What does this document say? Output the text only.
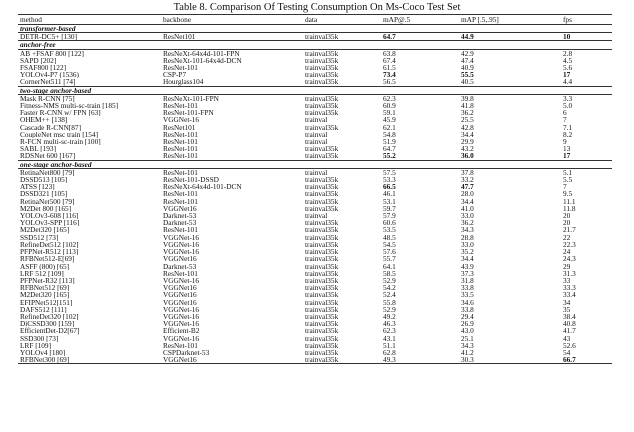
Table 8. Comparison Of Testing Consumption On Ms-Coco Test Set
method	backbone	data	mAP@.5	mAP [.5,.95]	fps
transformer-based					
DETR-DC5+ [130]	ResNet101	trainval35k	64.7	44.9	10
anchor-free					
AB +FSAF 800 [122]	ResNeXt-64x4d-101-FPN	trainval35k	63.8	42.9	2.8
SAPD [202]	ResNeXt-101-64x4d-DCN	trainval35k	67.4	47.4	4.5
FSAF800 [122]	ResNet-101	trainval35k	61.5	40.9	5.6
YOLOv4-P7 (1536)	CSP-P7	trainval35k	73.4	55.5	17
CornerNet511 [74]	Hourglass104	trainval35k	56.5	40.5	4.4
two-stage anchor-based					
Mask R-CNN [75]	ResNeXt-101-FPN	trainval35k	62.3	39.8	3.3
Fitness-NMS multi-sc-train [185]	ResNet-101	trainval35k	60.9	41.8	5.0
Faster R-CNN w/ FPN [63]	ResNet-101-FPN	trainval35k	59.1	36.2	6
OHEM++ [138]	VGGNet-16	trainval	45.9	25.5	7
Cascade R-CNN[87]	ResNet101	trainval35k	62.1	42.8	7.1
CoupleNet msc train [154]	ResNet-101	trainval	54.8	34.4	8.2
R-FCN multi-sc-train [100]	ResNet-101	trainval	51.9	29.9	9
SABL [193]	ResNet-101	trainval35k	64.7	43.2	13
RDSNet 600 [167]	ResNet-101	trainval35k	55.2	36.0	17
one-stage anchor-based					
RetinaNet800 [79]	ResNet-101	trainval	57.5	37.8	5.1
DSSD513 [105]	ResNet-101-DSSD	trainval35k	53.3	33.2	5.5
ATSS [123]	ResNeXt-64x4d-101-DCN	trainval35k	66.5	47.7	7
DSSD321 [105]	ResNet-101	trainval35k	46.1	28.0	9.5
RetinaNet500 [79]	ResNet-101	trainval35k	53.1	34.4	11.1
M2Det 800 [165]	VGGNet16	trainval35k	59.7	41.0	11.8
YOLOv3-608 [116]	Darknet-53	trainval	57.9	33.0	20
YOLOv3-SPP [116]	Darknet-53	trainval35k	60.6	36.2	20
M2Det320 [165]	ResNet-101	trainval35k	53.5	34.3	21.7
SSD512 [73]	VGGNet-16	trainval35k	48.5	28.8	22
RefineDet512 [102]	VGGNet-16	trainval35k	54.5	33.0	22.3
PFPNet-R512 [113]	VGGNet-16	trainval35k	57.6	35.2	24
RFBNet512-E[69]	VGGNet16	trainval35k	55.7	34.4	24.3
ASFF (800) [65]	Darknet-53	trainval35k	64.1	43.9	29
LRF 512 [109]	ResNet-101	trainval35k	58.5	37.3	31.3
PFPNet-R32 [113]	VGGNet-16	trainval35k	52.9	31.8	33
RFBNet512 [69]	VGGNet16	trainval35k	54.2	33.8	33.3
M2Det320 [165]	VGGNet16	trainval35k	52.4	33.5	33.4
EFIPNet512[151]	VGGNet16	trainval35k	55.8	34.6	34
DAFS512 [111]	VGGNet-16	trainval35k	52.9	33.8	35
RefineDet320 [102]	VGGNet-16	trainval35k	49.2	29.4	38.4
DiCSSD300 [159]	VGGNet-16	trainval35k	46.3	26.9	40.8
EfficientDet-D2[67]	Efficient-B2	trainval35k	62.3	43.0	41.7
SSD300 [73]	VGGNet-16	trainval35k	43.1	25.1	43
LRF [109]	ResNet-101	trainval35k	51.1	34.3	52.6
YOLOv4 [180]	CSPDarknet-53	trainval35k	62.8	41.2	54
RFBNet300 [69]	VGGNet16	trainval35k	49.3	30.3	66.7
